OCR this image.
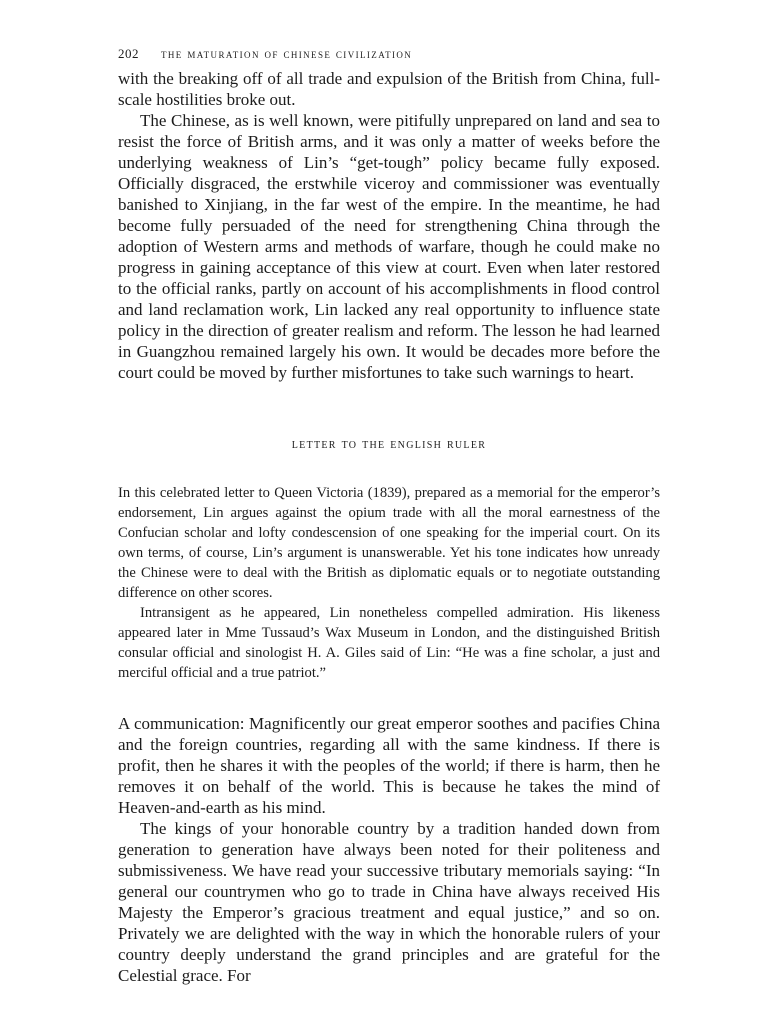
202 the maturation of chinese civilization

with the breaking off of all trade and expulsion of the British from China, full-scale hostilities broke out.

The Chinese, as is well known, were pitifully unprepared on land and sea to resist the force of British arms, and it was only a matter of weeks before the underlying weakness of Lin’s “get-tough” policy became fully exposed. Officially disgraced, the erstwhile viceroy and commissioner was eventually banished to Xinjiang, in the far west of the empire. In the meantime, he had become fully persuaded of the need for strengthening China through the adoption of Western arms and methods of warfare, though he could make no progress in gaining acceptance of this view at court. Even when later restored to the official ranks, partly on account of his accomplishments in flood control and land reclamation work, Lin lacked any real opportunity to influence state policy in the direction of greater realism and reform. The lesson he had learned in Guangzhou remained largely his own. It would be decades more before the court could be moved by further misfortunes to take such warnings to heart.

letter to the english ruler

In this celebrated letter to Queen Victoria (1839), prepared as a memorial for the emperor’s endorsement, Lin argues against the opium trade with all the moral earnestness of the Confucian scholar and lofty condescension of one speaking for the imperial court. On its own terms, of course, Lin’s argument is unanswerable. Yet his tone indicates how unready the Chinese were to deal with the British as diplomatic equals or to negotiate outstanding difference on other scores.

Intransigent as he appeared, Lin nonetheless compelled admiration. His likeness appeared later in Mme Tussaud’s Wax Museum in London, and the distinguished British consular official and sinologist H. A. Giles said of Lin: “He was a fine scholar, a just and merciful official and a true patriot.”

A communication: Magnificently our great emperor soothes and pacifies China and the foreign countries, regarding all with the same kindness. If there is profit, then he shares it with the peoples of the world; if there is harm, then he removes it on behalf of the world. This is because he takes the mind of Heaven-and-earth as his mind.

The kings of your honorable country by a tradition handed down from generation to generation have always been noted for their politeness and submissiveness. We have read your successive tributary memorials saying: “In general our countrymen who go to trade in China have always received His Majesty the Emperor’s gracious treatment and equal justice,” and so on. Privately we are delighted with the way in which the honorable rulers of your country deeply understand the grand principles and are grateful for the Celestial grace. For
